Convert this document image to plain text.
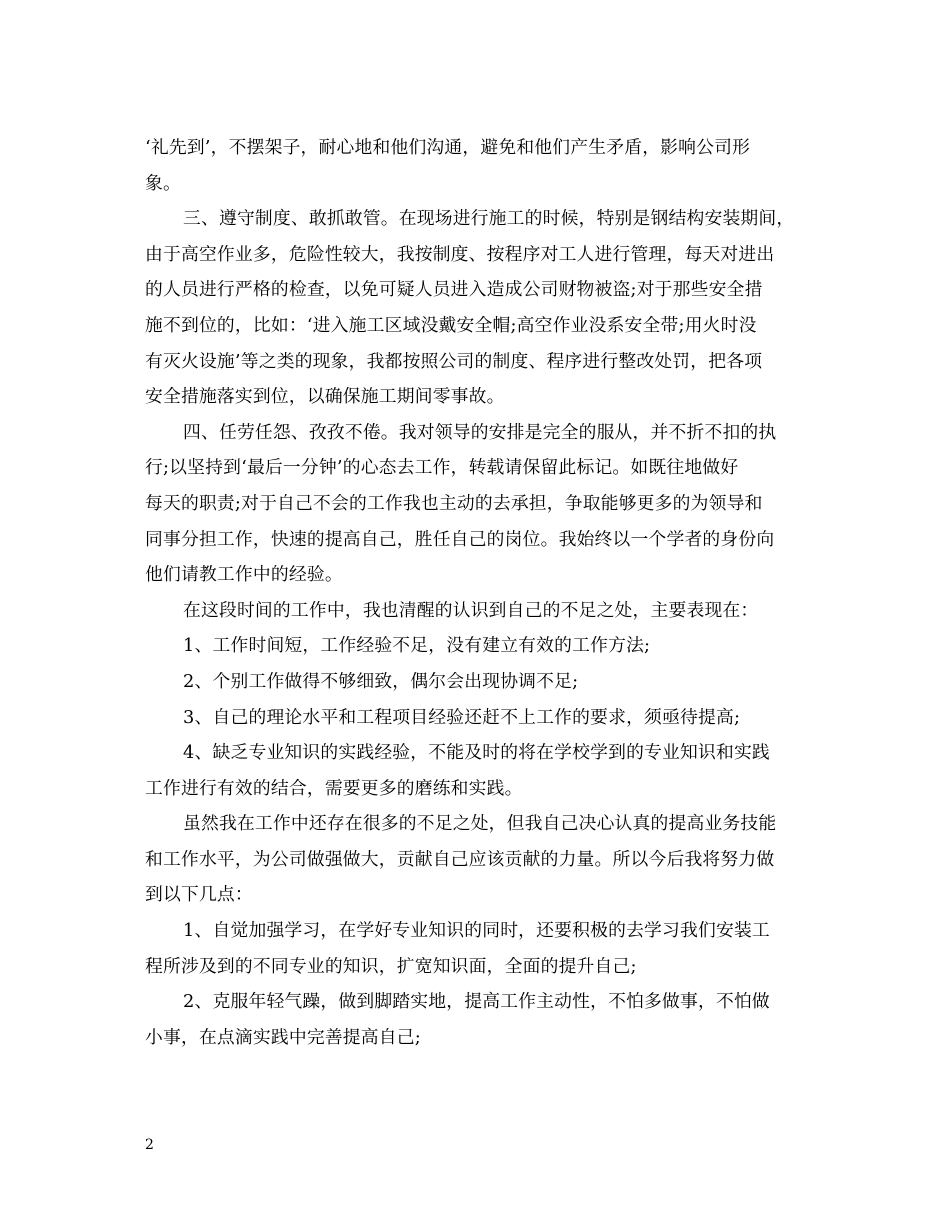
‘礼先到’，不摆架子，耐心地和他们沟通，避免和他们产生矛盾，影响公司形
象。
三、遵守制度、敢抓敢管。在现场进行施工的时候，特别是钢结构安装期间，
由于高空作业多，危险性较大，我按制度、按程序对工人进行管理，每天对进出
的人员进行严格的检查，以免可疑人员进入造成公司财物被盗;对于那些安全措
施不到位的，比如：‘进入施工区域没戴安全帽;高空作业没系安全带;用火时没
有灭火设施’等之类的现象，我都按照公司的制度、程序进行整改处罚，把各项
安全措施落实到位，以确保施工期间零事故。
四、任劳任怨、孜孜不倦。我对领导的安排是完全的服从，并不折不扣的执
行;以坚持到‘最后一分钟’的心态去工作，转载请保留此标记。如既往地做好
每天的职责;对于自己不会的工作我也主动的去承担，争取能够更多的为领导和
同事分担工作，快速的提高自己，胜任自己的岗位。我始终以一个学者的身份向
他们请教工作中的经验。
在这段时间的工作中，我也清醒的认识到自己的不足之处，主要表现在：
1、工作时间短，工作经验不足，没有建立有效的工作方法;
2、个别工作做得不够细致，偶尔会出现协调不足;
3、自己的理论水平和工程项目经验还赶不上工作的要求，须亟待提高;
4、缺乏专业知识的实践经验，不能及时的将在学校学到的专业知识和实践
工作进行有效的结合，需要更多的磨练和实践。
虽然我在工作中还存在很多的不足之处，但我自己决心认真的提高业务技能
和工作水平，为公司做强做大，贡献自己应该贡献的力量。所以今后我将努力做
到以下几点：
1、自觉加强学习，在学好专业知识的同时，还要积极的去学习我们安装工
程所涉及到的不同专业的知识，扩宽知识面，全面的提升自己;
2、克服年轻气躁，做到脚踏实地，提高工作主动性，不怕多做事，不怕做
小事，在点滴实践中完善提高自己;
2
